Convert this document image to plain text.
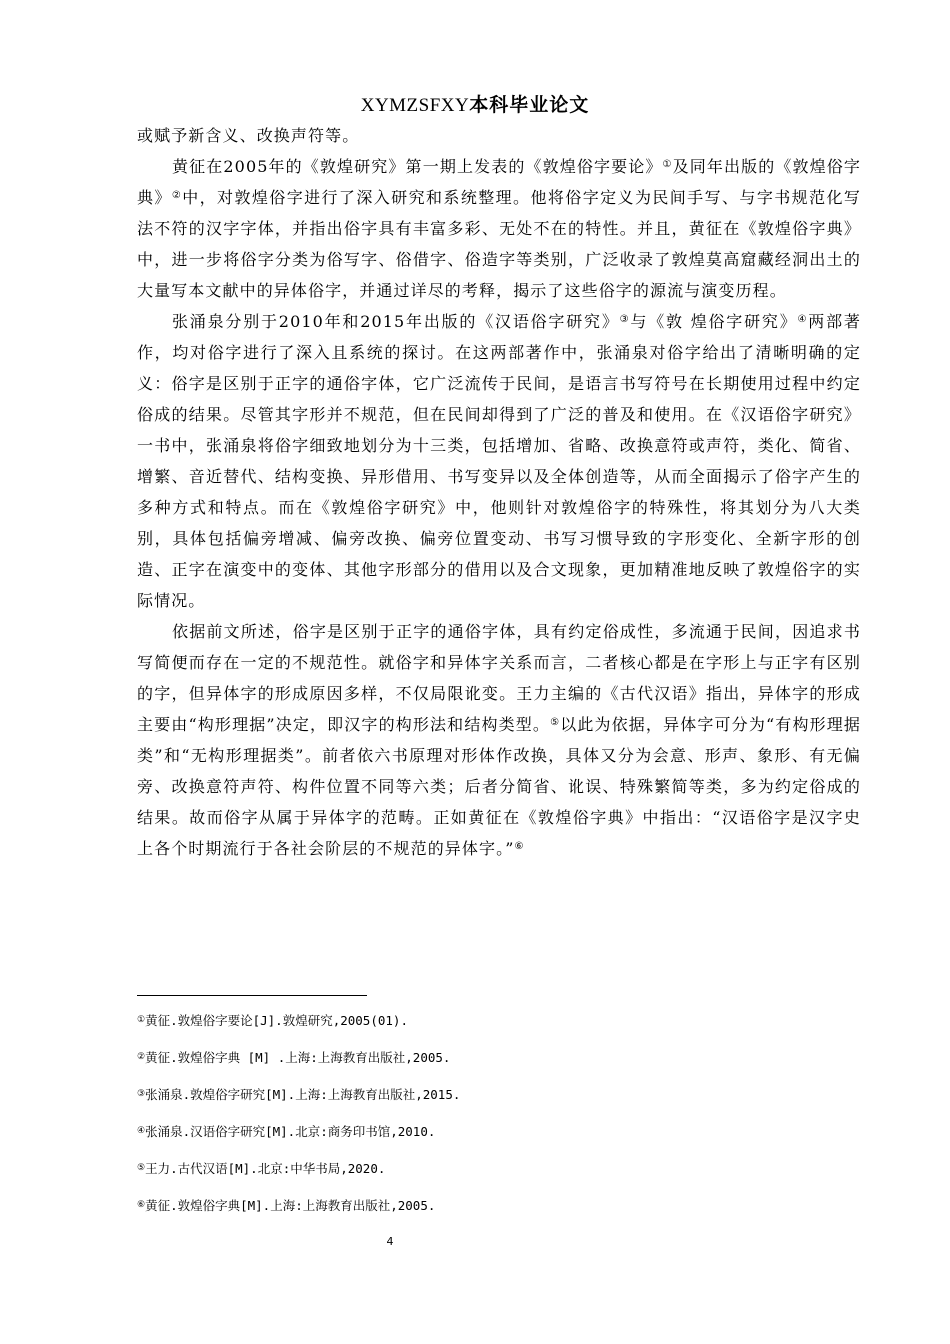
XYMZSFXY本科毕业论文

或赋予新含义、改换声符等。

黄征在2005年的《敦煌研究》第一期上发表的《敦煌俗字要论》①及同年出版的《敦煌俗字典》②中，对敦煌俗字进行了深入研究和系统整理。他将俗字定义为民间手写、与字书规范化写法不符的汉字字体，并指出俗字具有丰富多彩、无处不在的特性。并且，黄征在《敦煌俗字典》中，进一步将俗字分类为俗写字、俗借字、俗造字等类别，广泛收录了敦煌莫高窟藏经洞出土的大量写本文献中的异体俗字，并通过详尽的考释，揭示了这些俗字的源流与演变历程。

张涌泉分别于2010年和2015年出版的《汉语俗字研究》③与《敦 煌俗字研究》④两部著作，均对俗字进行了深入且系统的探讨。在这两部著作中，张涌泉对俗字给出了清晰明确的定义：俗字是区别于正字的通俗字体，它广泛流传于民间，是语言书写符号在长期使用过程中约定俗成的结果。尽管其字形并不规范，但在民间却得到了广泛的普及和使用。在《汉语俗字研究》一书中，张涌泉将俗字细致地划分为十三类，包括增加、省略、改换意符或声符，类化、简省、增繁、音近替代、结构变换、异形借用、书写变异以及全体创造等，从而全面揭示了俗字产生的多种方式和特点。而在《敦煌俗字研究》中，他则针对敦煌俗字的特殊性，将其划分为八大类别，具体包括偏旁增减、偏旁改换、偏旁位置变动、书写习惯导致的字形变化、全新字形的创造、正字在演变中的变体、其他字形部分的借用以及合文现象，更加精准地反映了敦煌俗字的实际情况。

依据前文所述，俗字是区别于正字的通俗字体，具有约定俗成性，多流通于民间，因追求书写简便而存在一定的不规范性。就俗字和异体字关系而言，二者核心都是在字形上与正字有区别的字，但异体字的形成原因多样，不仅局限讹变。王力主编的《古代汉语》指出，异体字的形成主要由“构形理据”决定，即汉字的构形法和结构类型。⑤以此为依据，异体字可分为“有构形理据类”和“无构形理据类”。前者依六书原理对形体作改换，具体又分为会意、形声、象形、有无偏旁、改换意符声符、构件位置不同等六类；后者分简省、讹误、特殊繁简等类，多为约定俗成的结果。故而俗字从属于异体字的范畴。正如黄征在《敦煌俗字典》中指出：“汉语俗字是汉字史上各个时期流行于各社会阶层的不规范的异体字。”⑥

①黄征.敦煌俗字要论[J].敦煌研究,2005(01).
②黄征.敦煌俗字典 [M] .上海:上海教育出版社,2005.
③张涌泉.敦煌俗字研究[M].上海:上海教育出版社,2015.
④张涌泉.汉语俗字研究[M].北京:商务印书馆,2010.
⑤王力.古代汉语[M].北京:中华书局,2020.
⑥黄征.敦煌俗字典[M].上海:上海教育出版社,2005.
4
